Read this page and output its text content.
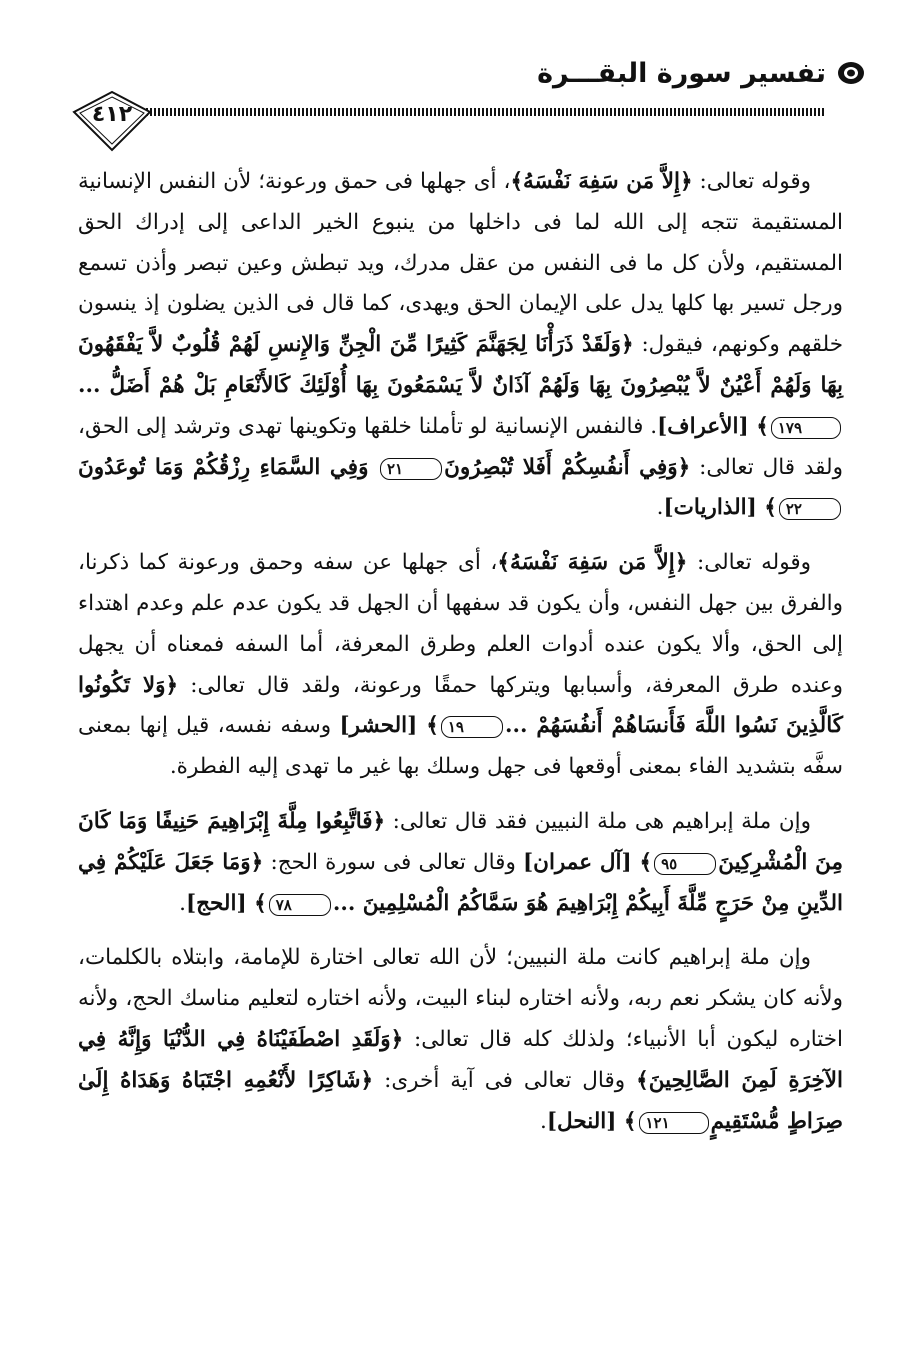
تفسير سورة البقـــرة
٤١٢

وقوله تعالى: ﴿إِلاَّ مَن سَفِهَ نَفْسَهُ﴾، أى جهلها فى حمق ورعونة؛ لأن النفس الإنسانية المستقيمة تتجه إلى الله لما فى داخلها من ينبوع الخير الداعى إلى إدراك الحق المستقيم، ولأن كل ما فى النفس من عقل مدرك، ويد تبطش وعين تبصر وأذن تسمع ورجل تسير بها كلها يدل على الإيمان الحق ويهدى، كما قال فى الذين يضلون إذ ينسون خلقهم وكونهم، فيقول: ﴿وَلَقَدْ ذَرَأْنَا لِجَهَنَّمَ كَثِيرًا مِّنَ الْجِنِّ وَالإِنسِ لَهُمْ قُلُوبٌ لاَّ يَفْقَهُونَ بِهَا وَلَهُمْ أَعْيُنٌ لاَّ يُبْصِرُونَ بِهَا وَلَهُمْ آذَانٌ لاَّ يَسْمَعُونَ بِهَا أُوْلَئِكَ كَالأَنْعَامِ بَلْ هُمْ أَضَلُّ ...١٧٩﴾ [الأعراف]. فالنفس الإنسانية لو تأملنا خلقها وتكوينها تهدى وترشد إلى الحق، ولقد قال تعالى: ﴿وَفِي أَنفُسِكُمْ أَفَلا تُبْصِرُونَ٢١ وَفِي السَّمَاءِ رِزْقُكُمْ وَمَا تُوعَدُونَ٢٢﴾ [الذاريات].

وقوله تعالى: ﴿إِلاَّ مَن سَفِهَ نَفْسَهُ﴾، أى جهلها عن سفه وحمق ورعونة كما ذكرنا، والفرق بين جهل النفس، وأن يكون قد سفهها أن الجهل قد يكون عدم علم وعدم اهتداء إلى الحق، وألا يكون عنده أدوات العلم وطرق المعرفة، أما السفه فمعناه أن يجهل وعنده طرق المعرفة، وأسبابها ويتركها حمقًا ورعونة، ولقد قال تعالى: ﴿وَلا تَكُونُوا كَالَّذِينَ نَسُوا اللَّهَ فَأَنسَاهُمْ أَنفُسَهُمْ ...١٩﴾ [الحشر] وسفه نفسه، قيل إنها بمعنى سفَّه بتشديد الفاء بمعنى أوقعها فى جهل وسلك بها غير ما تهدى إليه الفطرة.

وإن ملة إبراهيم هى ملة النبيين فقد قال تعالى: ﴿فَاتَّبِعُوا مِلَّةَ إِبْرَاهِيمَ حَنِيفًا وَمَا كَانَ مِنَ الْمُشْرِكِينَ٩٥﴾ [آل عمران] وقال تعالى فى سورة الحج: ﴿وَمَا جَعَلَ عَلَيْكُمْ فِي الدِّينِ مِنْ حَرَجٍ مِّلَّةَ أَبِيكُمْ إِبْرَاهِيمَ هُوَ سَمَّاكُمُ الْمُسْلِمِينَ ...٧٨﴾ [الحج].

وإن ملة إبراهيم كانت ملة النبيين؛ لأن الله تعالى اختارة للإمامة، وابتلاه بالكلمات، ولأنه كان يشكر نعم ربه، ولأنه اختاره لبناء البيت، ولأنه اختاره لتعليم مناسك الحج، ولأنه اختاره ليكون أبا الأنبياء؛ ولذلك كله قال تعالى: ﴿وَلَقَدِ اصْطَفَيْنَاهُ فِي الدُّنْيَا وَإِنَّهُ فِي الآخِرَةِ لَمِنَ الصَّالِحِينَ﴾ وقال تعالى فى آية أخرى: ﴿شَاكِرًا لأَنْعُمِهِ اجْتَبَاهُ وَهَدَاهُ إِلَىٰ صِرَاطٍ مُّسْتَقِيمٍ١٢١﴾ [النحل].
